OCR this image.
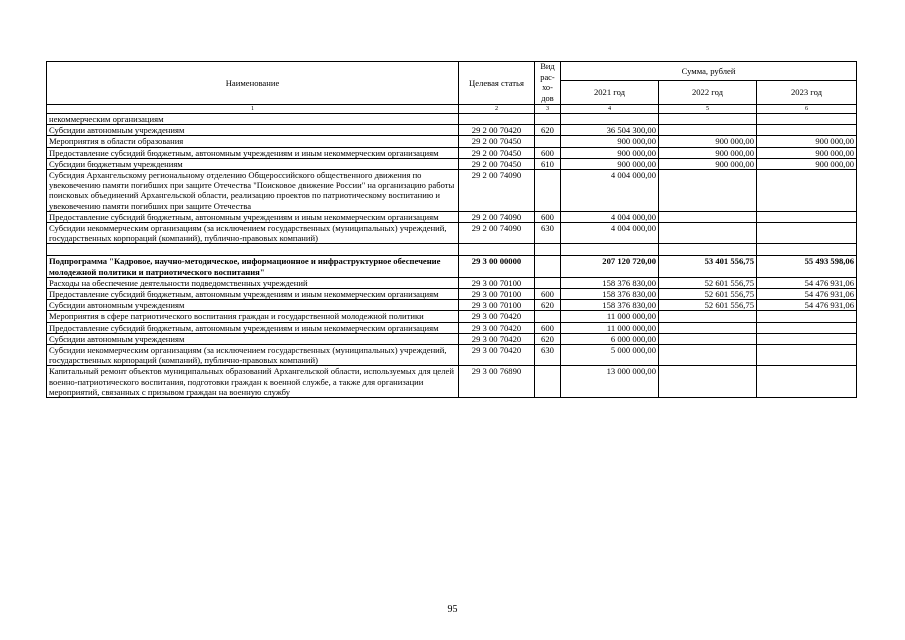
Наименование	Целевая статья	Вид рас-хо-дов	Сумма, рублей		
			2021 год	2022 год	2023 год
1	2	3	4	5	6
некоммерческим организациям					
Субсидии автономным учреждениям	29 2 00 70420	620	36 504 300,00		
Мероприятия в области образования	29 2 00 70450		900 000,00	900 000,00	900 000,00
Предоставление субсидий бюджетным, автономным учреждениям и иным некоммерческим организациям	29 2 00 70450	600	900 000,00	900 000,00	900 000,00
Субсидии бюджетным учреждениям	29 2 00 70450	610	900 000,00	900 000,00	900 000,00
Субсидия Архангельскому региональному отделению Общероссийского общественного движения по увековечению памяти погибших при защите Отечества "Поисковое движение России" на организацию работы поисковых объединений Архангельской области, реализацию проектов по патриотическому воспитанию и увековечению памяти погибших при защите Отечества	29 2 00 74090		4 004 000,00		
Предоставление субсидий бюджетным, автономным учреждениям и иным некоммерческим организациям	29 2 00 74090	600	4 004 000,00		
Субсидии некоммерческим организациям (за исключением государственных (муниципальных) учреждений, государственных корпораций (компаний), публично-правовых компаний)	29 2 00 74090	630	4 004 000,00		

Подпрограмма "Кадровое, научно-методическое, информационное и инфраструктурное обеспечение молодежной политики и патриотического воспитания"	29 3 00 00000		207 120 720,00	53 401 556,75	55 493 598,06
Расходы на обеспечение деятельности подведомственных учреждений	29 3 00 70100		158 376 830,00	52 601 556,75	54 476 931,06
Предоставление субсидий бюджетным, автономным учреждениям и иным некоммерческим организациям	29 3 00 70100	600	158 376 830,00	52 601 556,75	54 476 931,06
Субсидии автономным учреждениям	29 3 00 70100	620	158 376 830,00	52 601 556,75	54 476 931,06
Мероприятия в сфере патриотического воспитания граждан и государственной молодежной политики	29 3 00 70420		11 000 000,00		
Предоставление субсидий бюджетным, автономным учреждениям и иным некоммерческим организациям	29 3 00 70420	600	11 000 000,00		
Субсидии автономным учреждениям	29 3 00 70420	620	6 000 000,00		
Субсидии некоммерческим организациям (за исключением государственных (муниципальных) учреждений, государственных корпораций (компаний), публично-правовых компаний)	29 3 00 70420	630	5 000 000,00		
Капитальный ремонт объектов муниципальных образований Архангельской области, используемых для целей военно-патриотического воспитания, подготовки граждан к военной службе, а также для организации мероприятий, связанных с призывом граждан на военную службу	29 3 00 76890		13 000 000,00		
95
